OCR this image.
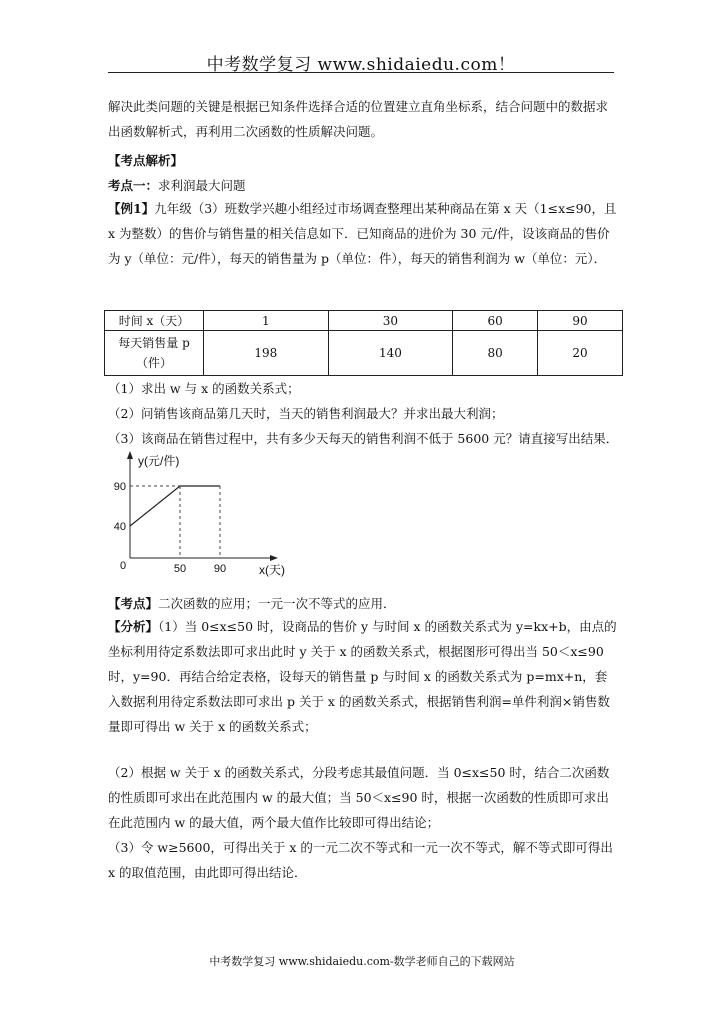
中考数学复习 www.shidaiedu.com！
解决此类问题的关键是根据已知条件选择合适的位置建立直角坐标系，结合问题中的数据求出函数解析式，再利用二次函数的性质解决问题。
【考点解析】
考点一：求利润最大问题
【例1】九年级（3）班数学兴趣小组经过市场调查整理出某种商品在第 x 天（1≤x≤90，且 x 为整数）的售价与销售量的相关信息如下．已知商品的进价为 30 元/件，设该商品的售价为 y（单位：元/件），每天的销售量为 p（单位：件），每天的销售利润为 w（单位：元）．
时间 x（天）	1	30	60	90

每天销售量 p
（件）	198	140	80	20
（1）求出 w 与 x 的函数关系式；
（2）问销售该商品第几天时，当天的销售利润最大？并求出最大利润；
（3）该商品在销售过程中，共有多少天每天的销售利润不低于 5600 元？请直接写出结果．
y(元/件)
x(天)
0
40
90
50	90
【考点】二次函数的应用；一元一次不等式的应用．
【分析】（1）当 0≤x≤50 时，设商品的售价 y 与时间 x 的函数关系式为 y=kx+b，由点的坐标利用待定系数法即可求出此时 y 关于 x 的函数关系式，根据图形可得出当 50＜x≤90 时，y=90．再结合给定表格，设每天的销售量 p 与时间 x 的函数关系式为 p=mx+n，套入数据利用待定系数法即可求出 p 关于 x 的函数关系式，根据销售利润=单件利润×销售数量即可得出 w 关于 x 的函数关系式；
（2）根据 w 关于 x 的函数关系式，分段考虑其最值问题．当 0≤x≤50 时，结合二次函数的性质即可求出在此范围内 w 的最大值；当 50＜x≤90 时，根据一次函数的性质即可求出在此范围内 w 的最大值，两个最大值作比较即可得出结论；
（3）令 w≥5600，可得出关于 x 的一元二次不等式和一元一次不等式，解不等式即可得出 x 的取值范围，由此即可得出结论．
中考数学复习 www.shidaiedu.com-数学老师自己的下载网站
